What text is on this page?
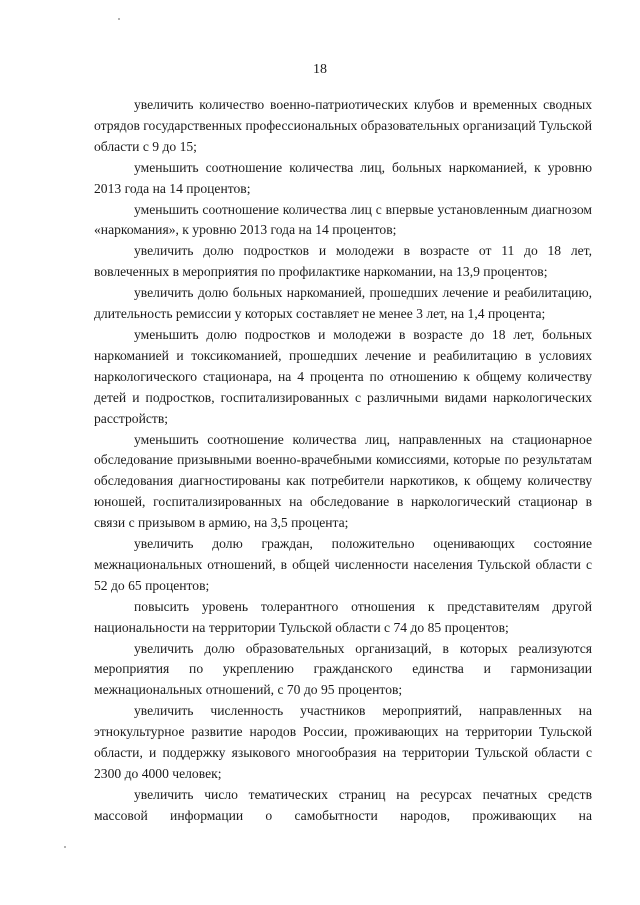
18

увеличить количество военно-патриотических клубов и временных сводных отрядов государственных профессиональных образовательных организаций Тульской области с 9 до 15;

уменьшить соотношение количества лиц, больных наркоманией, к уровню 2013 года на 14 процентов;

уменьшить соотношение количества лиц с впервые установленным диагнозом «наркомания», к уровню 2013 года на 14 процентов;

увеличить долю подростков и молодежи в возрасте от 11 до 18 лет, вовлеченных в мероприятия по профилактике наркомании, на 13,9 процентов;

увеличить долю больных наркоманией, прошедших лечение и реабилитацию, длительность ремиссии у которых составляет не менее 3 лет, на 1,4 процента;

уменьшить долю подростков и молодежи в возрасте до 18 лет, больных наркоманией и токсикоманией, прошедших лечение и реабилитацию в условиях наркологического стационара, на 4 процента по отношению к общему количеству детей и подростков, госпитализированных с различными видами наркологических расстройств;

уменьшить соотношение количества лиц, направленных на стационарное обследование призывными военно-врачебными комиссиями, которые по результатам обследования диагностированы как потребители наркотиков, к общему количеству юношей, госпитализированных на обследование в наркологический стационар в связи с призывом в армию, на 3,5 процента;

увеличить долю граждан, положительно оценивающих состояние межнациональных отношений, в общей численности населения Тульской области с 52 до 65 процентов;

повысить уровень толерантного отношения к представителям другой национальности на территории Тульской области с 74 до 85 процентов;

увеличить долю образовательных организаций, в которых реализуются мероприятия по укреплению гражданского единства и гармонизации межнациональных отношений, с 70 до 95 процентов;

увеличить численность участников мероприятий, направленных на этнокультурное развитие народов России, проживающих на территории Тульской области, и поддержку языкового многообразия на территории Тульской области с 2300 до 4000 человек;

увеличить число тематических страниц на ресурсах печатных средств массовой информации о самобытности народов, проживающих на
